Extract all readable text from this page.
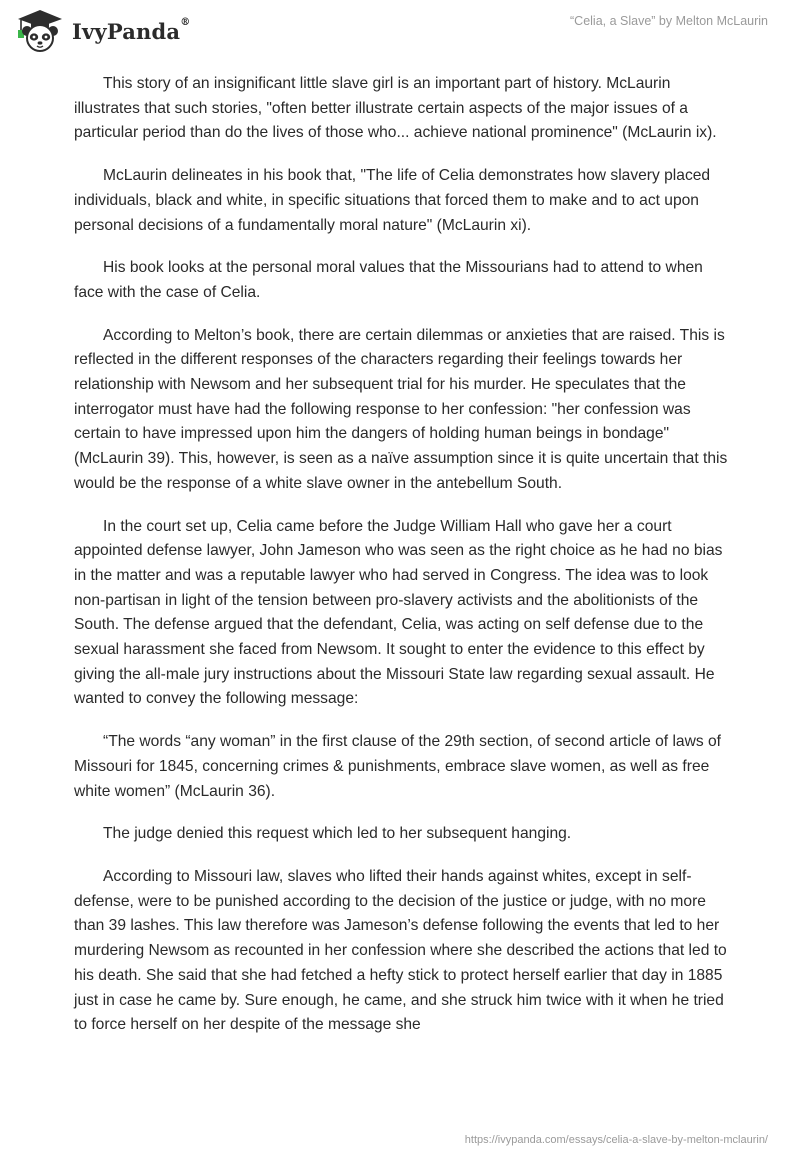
IvyPanda®	“Celia, a Slave” by Melton McLaurin

This story of an insignificant little slave girl is an important part of history. McLaurin illustrates that such stories, "often better illustrate certain aspects of the major issues of a particular period than do the lives of those who... achieve national prominence" (McLaurin ix).

McLaurin delineates in his book that, "The life of Celia demonstrates how slavery placed individuals, black and white, in specific situations that forced them to make and to act upon personal decisions of a fundamentally moral nature" (McLaurin xi).

His book looks at the personal moral values that the Missourians had to attend to when face with the case of Celia.

According to Melton’s book, there are certain dilemmas or anxieties that are raised. This is reflected in the different responses of the characters regarding their feelings towards her relationship with Newsom and her subsequent trial for his murder. He speculates that the interrogator must have had the following response to her confession: "her confession was certain to have impressed upon him the dangers of holding human beings in bondage" (McLaurin 39). This, however, is seen as a naïve assumption since it is quite uncertain that this would be the response of a white slave owner in the antebellum South.

In the court set up, Celia came before the Judge William Hall who gave her a court appointed defense lawyer, John Jameson who was seen as the right choice as he had no bias in the matter and was a reputable lawyer who had served in Congress. The idea was to look non-partisan in light of the tension between pro-slavery activists and the abolitionists of the South. The defense argued that the defendant, Celia, was acting on self defense due to the sexual harassment she faced from Newsom. It sought to enter the evidence to this effect by giving the all-male jury instructions about the Missouri State law regarding sexual assault. He wanted to convey the following message:

“The words “any woman” in the first clause of the 29th section, of second article of laws of Missouri for 1845, concerning crimes & punishments, embrace slave women, as well as free white women” (McLaurin 36).

The judge denied this request which led to her subsequent hanging.

According to Missouri law, slaves who lifted their hands against whites, except in self-defense, were to be punished according to the decision of the justice or judge, with no more than 39 lashes. This law therefore was Jameson’s defense following the events that led to her murdering Newsom as recounted in her confession where she described the actions that led to his death. She said that she had fetched a hefty stick to protect herself earlier that day in 1885 just in case he came by. Sure enough, he came, and she struck him twice with it when he tried to force herself on her despite of the message she

https://ivypanda.com/essays/celia-a-slave-by-melton-mclaurin/
